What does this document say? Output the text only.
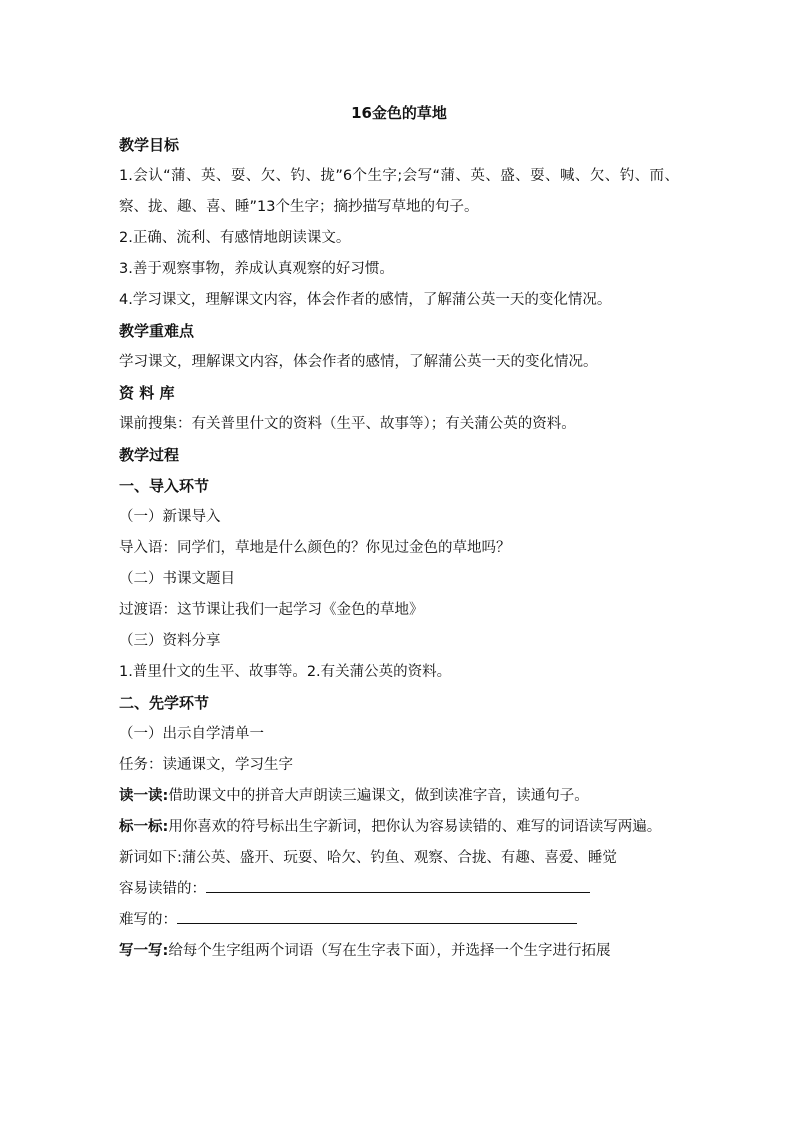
16金色的草地
教学目标
1.会认“蒲、英、耍、欠、钓、拢”6个生字;会写“蒲、英、盛、耍、喊、欠、钓、而、察、拢、趣、喜、睡”13个生字；摘抄描写草地的句子。
2.正确、流利、有感情地朗读课文。
3.善于观察事物，养成认真观察的好习惯。
4.学习课文，理解课文内容，体会作者的感情，了解蒲公英一天的变化情况。
教学重难点
学习课文，理解课文内容，体会作者的感情，了解蒲公英一天的变化情况。
资 料 库
课前搜集：有关普里什文的资料（生平、故事等）；有关蒲公英的资料。
教学过程
一、导入环节
（一）新课导入
导入语：同学们，草地是什么颜色的？你见过金色的草地吗？
（二）书课文题目
过渡语：这节课让我们一起学习《金色的草地》
（三）资料分享
1.普里什文的生平、故事等。2.有关蒲公英的资料。
二、先学环节
（一）出示自学清单一
任务：读通课文，学习生字
读一读:借助课文中的拼音大声朗读三遍课文，做到读准字音，读通句子。
标一标:用你喜欢的符号标出生字新词，把你认为容易读错的、难写的词语读写两遍。
新词如下:蒲公英、盛开、玩耍、哈欠、钓鱼、观察、合拢、有趣、喜爱、睡觉
容易读错的：
难写的：
写一写:给每个生字组两个词语（写在生字表下面），并选择一个生字进行拓展
